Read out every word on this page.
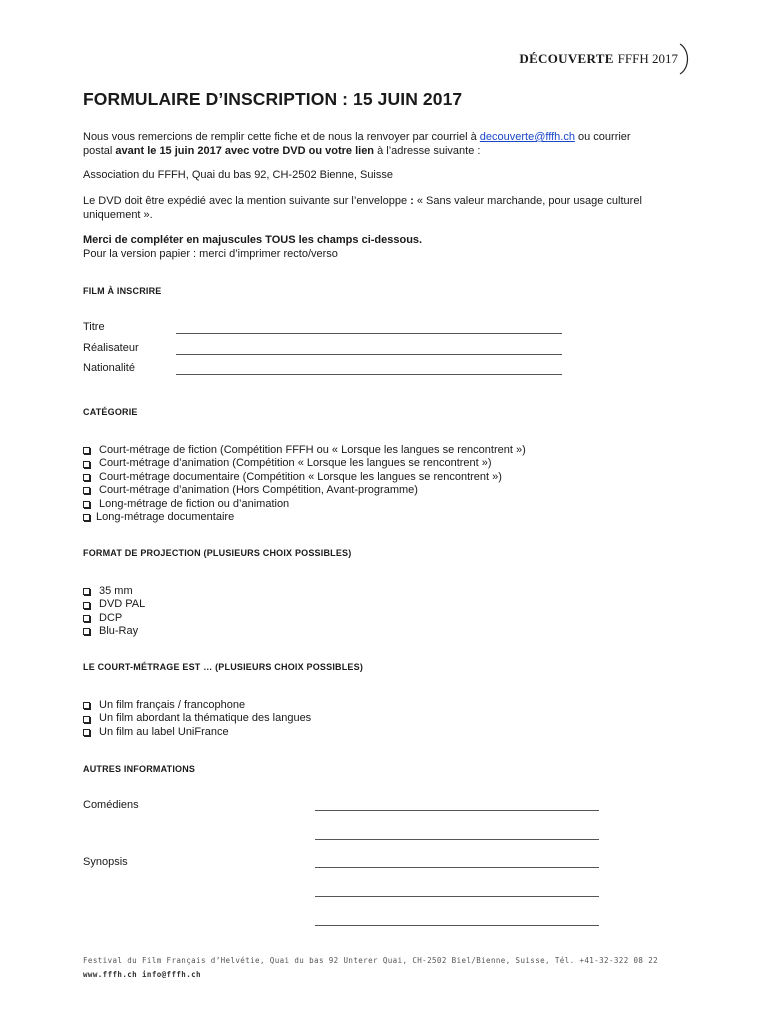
DÉCOUVERTE FFFH 2017
FORMULAIRE D’INSCRIPTION : 15 JUIN 2017
Nous vous remercions de remplir cette fiche et de nous la renvoyer par courriel à decouverte@fffh.ch ou courrier
postal avant le 15 juin 2017 avec votre DVD ou votre lien à l’adresse suivante :
Association du FFFH, Quai du bas 92, CH-2502 Bienne, Suisse
Le DVD doit être expédié avec la mention suivante sur l’enveloppe : « Sans valeur marchande, pour usage culturel
uniquement ».
Merci de compléter en majuscules TOUS les champs ci-dessous.
Pour la version papier : merci d’imprimer recto/verso
FILM À INSCRIRE
Titre
Réalisateur
Nationalité
CATÉGORIE
Court-métrage de fiction (Compétition FFFH ou « Lorsque les langues se rencontrent »)
Court-métrage d’animation (Compétition « Lorsque les langues se rencontrent »)
Court-métrage documentaire (Compétition « Lorsque les langues se rencontrent »)
Court-métrage d’animation (Hors Compétition, Avant-programme)
Long-métrage de fiction ou d’animation
Long-métrage documentaire
FORMAT DE PROJECTION (PLUSIEURS CHOIX POSSIBLES)
35 mm
DVD PAL
DCP
Blu-Ray
LE COURT-MÉTRAGE EST … (PLUSIEURS CHOIX POSSIBLES)
Un film français / francophone
Un film abordant la thématique des langues
Un film au label UniFrance
AUTRES INFORMATIONS
Comédiens
Synopsis
Festival du Film Français d’Helvétie, Quai du bas 92 Unterer Quai, CH-2502 Biel/Bienne, Suisse, Tél. +41-32-322 08 22
www.fffh.ch info@fffh.ch
